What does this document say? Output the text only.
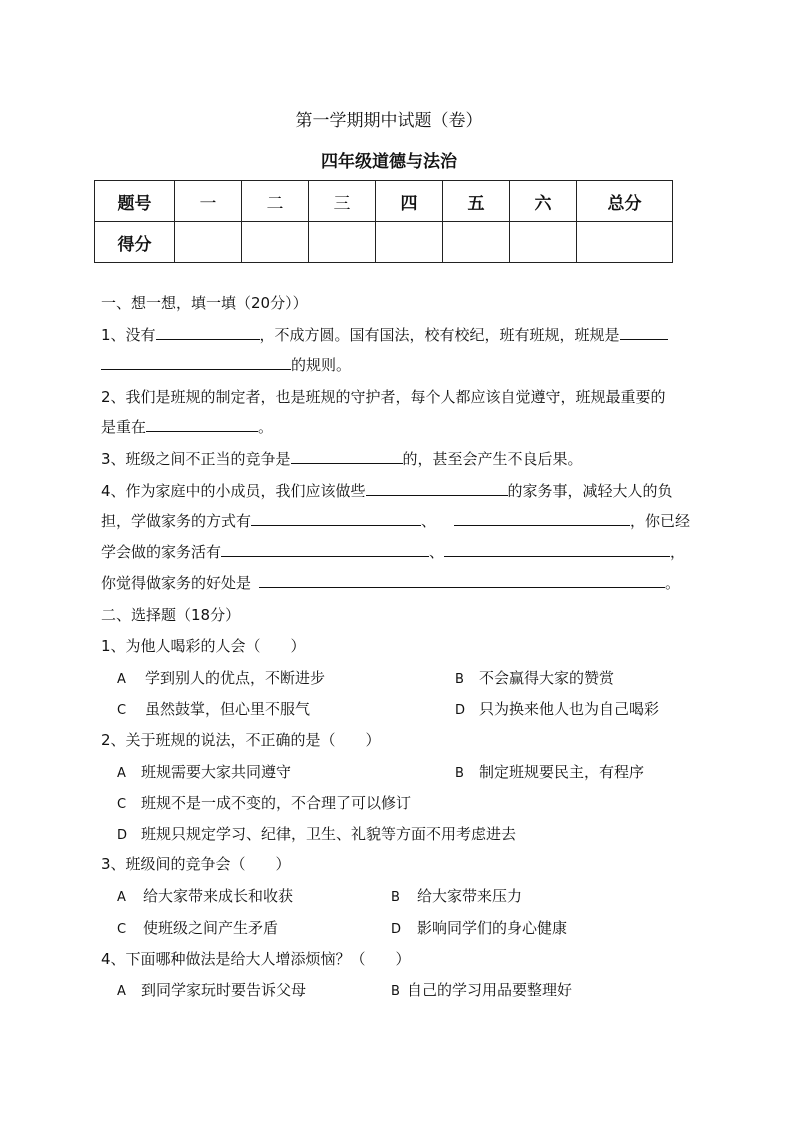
第一学期期中试题（卷）
四年级道德与法治
题号	一	二	三	四	五	六	总分
得分							
一、想一想，填一填（20分））
1、没有	，不成方圆。国有国法，校有校纪，班有班规，班规是
的规则。
2、我们是班规的制定者，也是班规的守护者，每个人都应该自觉遵守，班规最重要的
是重在	。
3、班级之间不正当的竞争是	的，甚至会产生不良后果。
4、作为家庭中的小成员，我们应该做些	的家务事，减轻大人的负
担，学做家务的方式有	、	，你已经
学会做的家务活有	、	，
你觉得做家务的好处是	。
二、选择题（18分）
1、为他人喝彩的人会（　　）
A 学到别人的优点，不断进步	B 不会赢得大家的赞赏
C 虽然鼓掌，但心里不服气	D 只为换来他人也为自己喝彩
2、关于班规的说法，不正确的是（　　）
A 班规需要大家共同遵守	B 制定班规要民主，有程序
C 班规不是一成不变的，不合理了可以修订
D 班规只规定学习、纪律，卫生、礼貌等方面不用考虑进去
3、班级间的竞争会（　　）
A 给大家带来成长和收获	B 给大家带来压力
C 使班级之间产生矛盾	D 影响同学们的身心健康
4、下面哪种做法是给大人增添烦恼？（　　）
A 到同学家玩时要告诉父母	B 自己的学习用品要整理好
